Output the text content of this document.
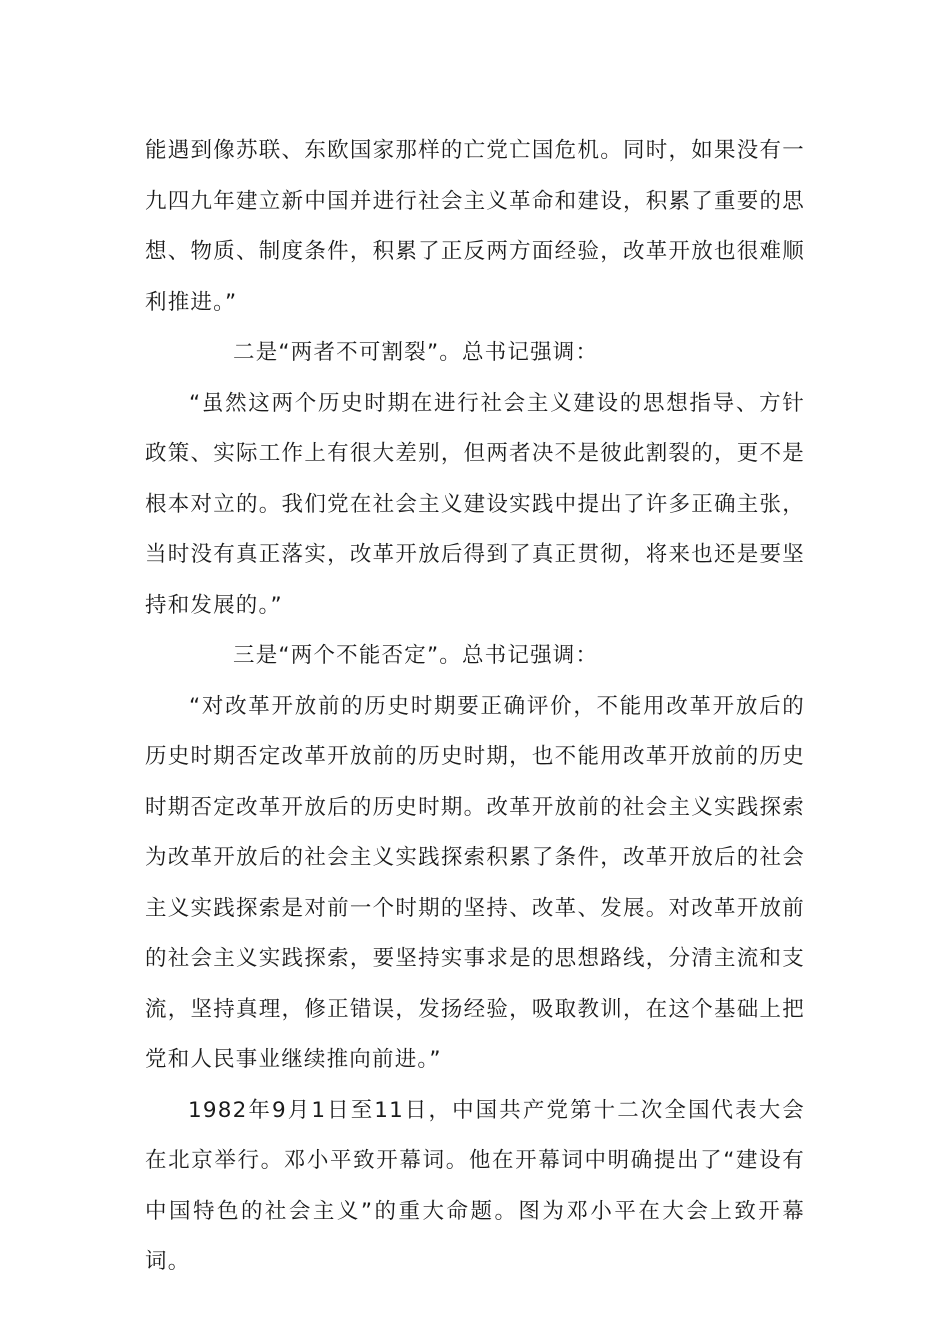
能遇到像苏联、东欧国家那样的亡党亡国危机。同时，如果没有一九四九年建立新中国并进行社会主义革命和建设，积累了重要的思想、物质、制度条件，积累了正反两方面经验，改革开放也很难顺利推进。”

二是“两者不可割裂”。总书记强调：

“虽然这两个历史时期在进行社会主义建设的思想指导、方针政策、实际工作上有很大差别，但两者决不是彼此割裂的，更不是根本对立的。我们党在社会主义建设实践中提出了许多正确主张，当时没有真正落实，改革开放后得到了真正贯彻，将来也还是要坚持和发展的。”

三是“两个不能否定”。总书记强调：

“对改革开放前的历史时期要正确评价，不能用改革开放后的历史时期否定改革开放前的历史时期，也不能用改革开放前的历史时期否定改革开放后的历史时期。改革开放前的社会主义实践探索为改革开放后的社会主义实践探索积累了条件，改革开放后的社会主义实践探索是对前一个时期的坚持、改革、发展。对改革开放前的社会主义实践探索，要坚持实事求是的思想路线，分清主流和支流，坚持真理，修正错误，发扬经验，吸取教训，在这个基础上把党和人民事业继续推向前进。”

1982年9月1日至11日，中国共产党第十二次全国代表大会在北京举行。邓小平致开幕词。他在开幕词中明确提出了“建设有中国特色的社会主义”的重大命题。图为邓小平在大会上致开幕词。
